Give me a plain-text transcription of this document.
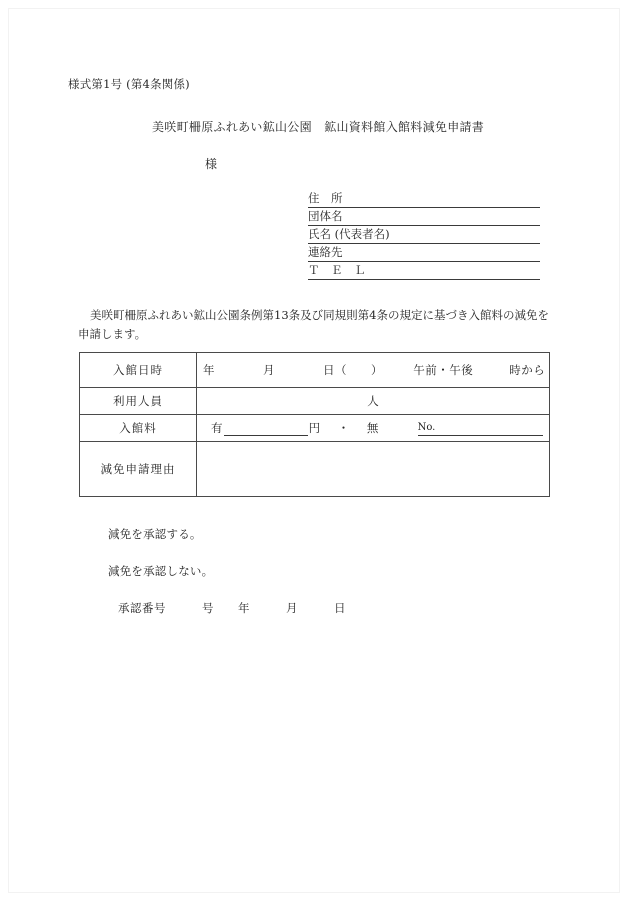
様式第1号 (第4条関係)
美咲町柵原ふれあい鉱山公園　鉱山資料館入館料減免申請書
様
住　所
団体名
氏名 (代表者名)
連絡先
Ｔ　Ｅ　Ｌ
美咲町柵原ふれあい鉱山公園条例第13条及び同規則第4条の規定に基づき入館料の減免を申請します。
入館日時	年　　　　月　　　　日（　　）　　　午前・午後　　　時から

利用人員	人

入館料	有 円 ・ 無 No.

減免申請理由	
減免を承認する。
減免を承認しない。
承認番号　　　号　　年　　　月　　　日
